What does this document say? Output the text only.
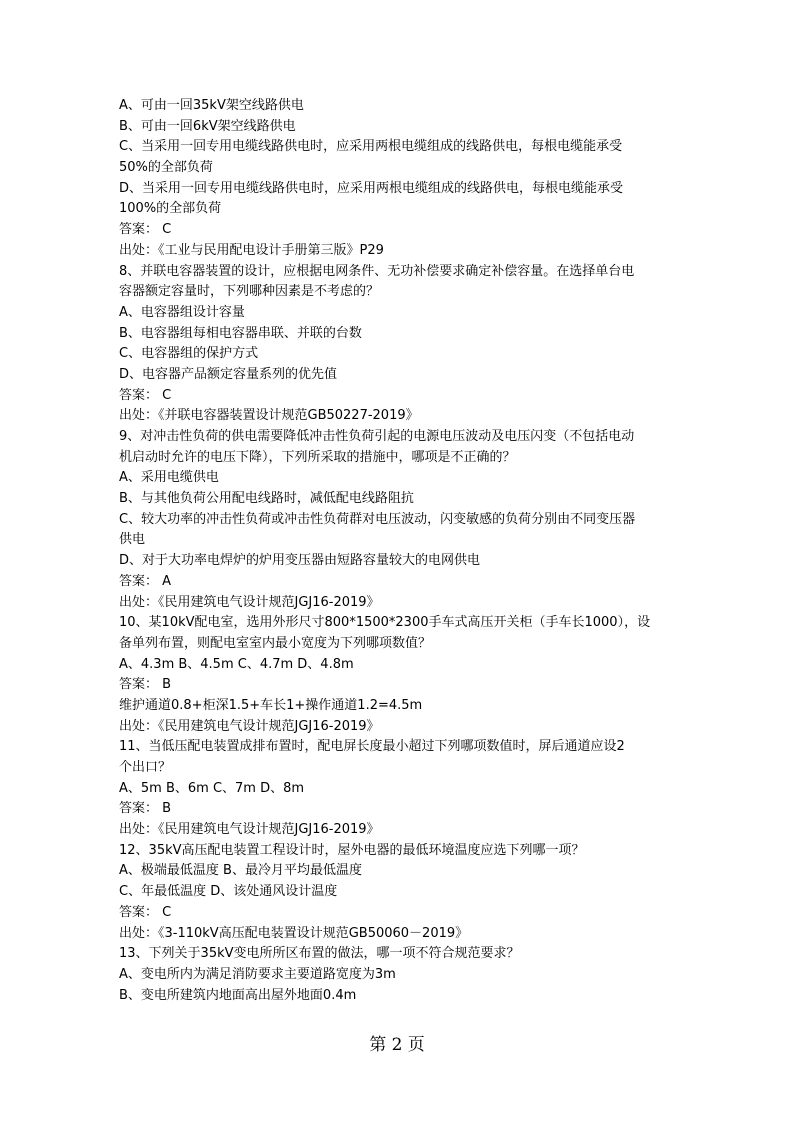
A、可由一回35kV架空线路供电
B、可由一回6kV架空线路供电
C、当采用一回专用电缆线路供电时，应采用两根电缆组成的线路供电，每根电缆能承受
50%的全部负荷
D、当采用一回专用电缆线路供电时，应采用两根电缆组成的线路供电，每根电缆能承受
100%的全部负荷
答案： C
出处：《工业与民用配电设计手册第三版》P29
8、并联电容器装置的设计，应根据电网条件、无功补偿要求确定补偿容量。在选择单台电
容器额定容量时，下列哪种因素是不考虑的？
A、电容器组设计容量
B、电容器组每相电容器串联、并联的台数
C、电容器组的保护方式
D、电容器产品额定容量系列的优先值
答案： C
出处：《并联电容器装置设计规范GB50227-2019》
9、对冲击性负荷的供电需要降低冲击性负荷引起的电源电压波动及电压闪变（不包括电动
机启动时允许的电压下降），下列所采取的措施中，哪项是不正确的？
A、采用电缆供电
B、与其他负荷公用配电线路时，减低配电线路阻抗
C、较大功率的冲击性负荷或冲击性负荷群对电压波动，闪变敏感的负荷分别由不同变压器
供电
D、对于大功率电焊炉的炉用变压器由短路容量较大的电网供电
答案： A
出处：《民用建筑电气设计规范JGJ16-2019》
10、某10kV配电室，选用外形尺寸800*1500*2300手车式高压开关柜（手车长1000），设
备单列布置，则配电室室内最小宽度为下列哪项数值？
A、4.3m B、4.5m C、4.7m D、4.8m
答案： B
维护通道0.8+柜深1.5+车长1+操作通道1.2=4.5m
出处：《民用建筑电气设计规范JGJ16-2019》
11、当低压配电装置成排布置时，配电屏长度最小超过下列哪项数值时，屏后通道应设2
个出口？
A、5m B、6m C、7m D、8m
答案： B
出处：《民用建筑电气设计规范JGJ16-2019》
12、35kV高压配电装置工程设计时，屋外电器的最低环境温度应选下列哪一项？
A、极端最低温度 B、最冷月平均最低温度
C、年最低温度 D、该处通风设计温度
答案： C
出处：《3-110kV高压配电装置设计规范GB50060－2019》
13、下列关于35kV变电所所区布置的做法，哪一项不符合规范要求？
A、变电所内为满足消防要求主要道路宽度为3m
B、变电所建筑内地面高出屋外地面0.4m
第 2 页
